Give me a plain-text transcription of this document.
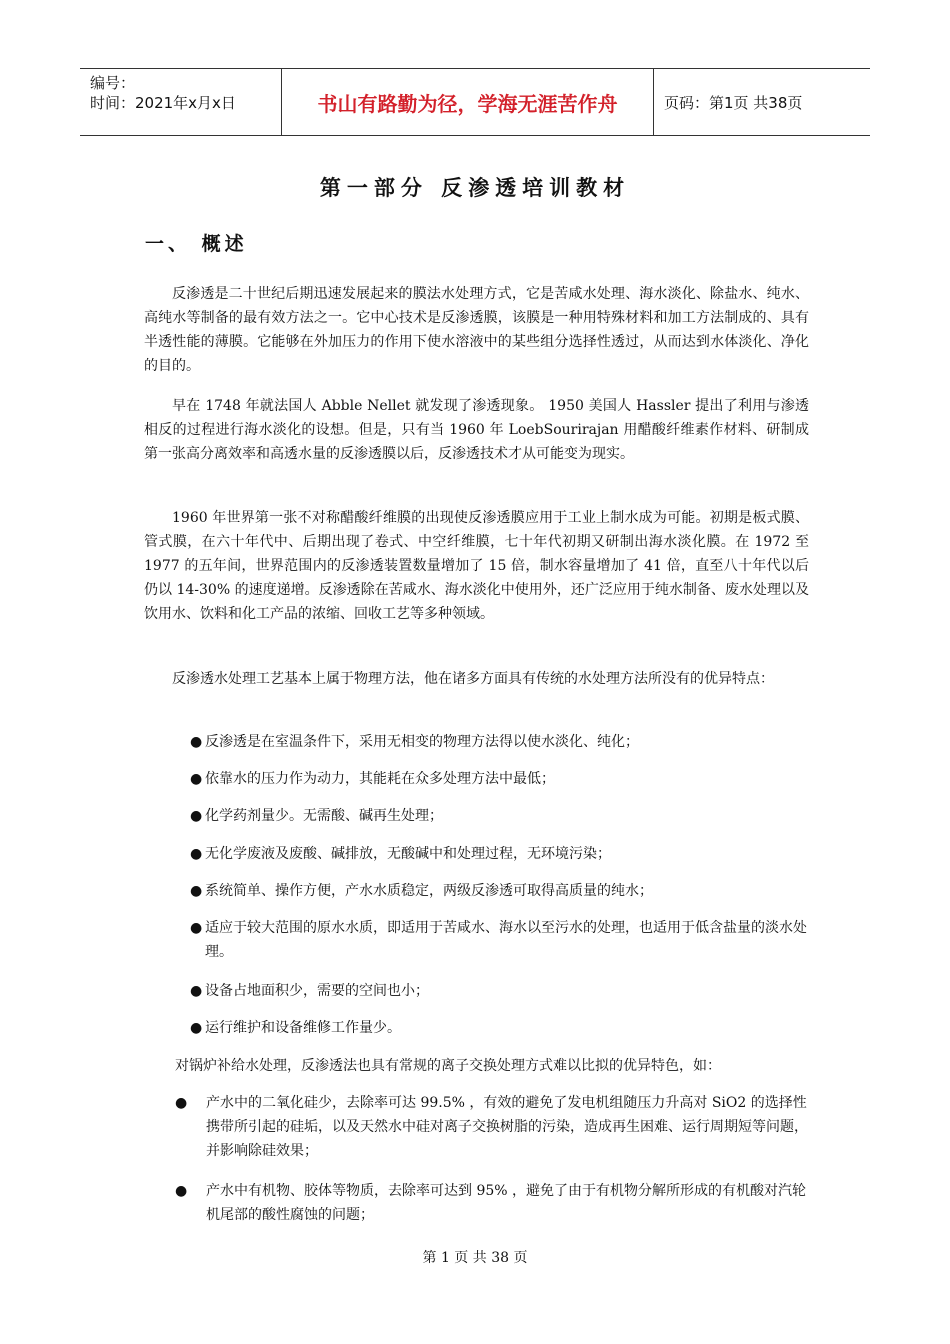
编号：
时间：2021年x月x日	书山有路勤为径，学海无涯苦作舟	页码：第1页 共38页
第一部分 反渗透培训教材
一、 概述

反渗透是二十世纪后期迅速发展起来的膜法水处理方式，它是苦咸水处理、海水淡化、除盐水、纯水、高纯水等制备的最有效方法之一。它中心技术是反渗透膜，该膜是一种用特殊材料和加工方法制成的、具有半透性能的薄膜。它能够在外加压力的作用下使水溶液中的某些组分选择性透过，从而达到水体淡化、净化的目的。

早在 1748 年就法国人 Abble Nellet 就发现了渗透现象。 1950 美国人 Hassler 提出了利用与渗透相反的过程进行海水淡化的设想。但是，只有当 1960 年 LoebSourirajan 用醋酸纤维素作材料、研制成第一张高分离效率和高透水量的反渗透膜以后，反渗透技术才从可能变为现实。

1960 年世界第一张不对称醋酸纤维膜的出现使反渗透膜应用于工业上制水成为可能。初期是板式膜、管式膜，在六十年代中、后期出现了卷式、中空纤维膜，七十年代初期又研制出海水淡化膜。在 1972 至 1977 的五年间，世界范围内的反渗透装置数量增加了 15 倍，制水容量增加了 41 倍，直至八十年代以后仍以 14-30% 的速度递增。反渗透除在苦咸水、海水淡化中使用外，还广泛应用于纯水制备、废水处理以及饮用水、饮料和化工产品的浓缩、回收工艺等多种领域。

反渗透水处理工艺基本上属于物理方法，他在诸多方面具有传统的水处理方法所没有的优异特点：

● 反渗透是在室温条件下，采用无相变的物理方法得以使水淡化、纯化；
● 依靠水的压力作为动力，其能耗在众多处理方法中最低；
● 化学药剂量少。无需酸、碱再生处理；
● 无化学废液及废酸、碱排放，无酸碱中和处理过程，无环境污染；
● 系统简单、操作方便，产水水质稳定，两级反渗透可取得高质量的纯水；
● 适应于较大范围的原水水质，即适用于苦咸水、海水以至污水的处理，也适用于低含盐量的淡水处理。
● 设备占地面积少，需要的空间也小；
● 运行维护和设备维修工作量少。
对锅炉补给水处理，反渗透法也具有常规的离子交换处理方式难以比拟的优异特色，如：
●	产水中的二氧化硅少，去除率可达 99.5% ，有效的避免了发电机组随压力升高对 SiO2 的选择性携带所引起的硅垢，以及天然水中硅对离子交换树脂的污染，造成再生困难、运行周期短等问题，并影响除硅效果；
●	产水中有机物、胶体等物质，去除率可达到 95% ，避免了由于有机物分解所形成的有机酸对汽轮机尾部的酸性腐蚀的问题；
第 1 页 共 38 页
